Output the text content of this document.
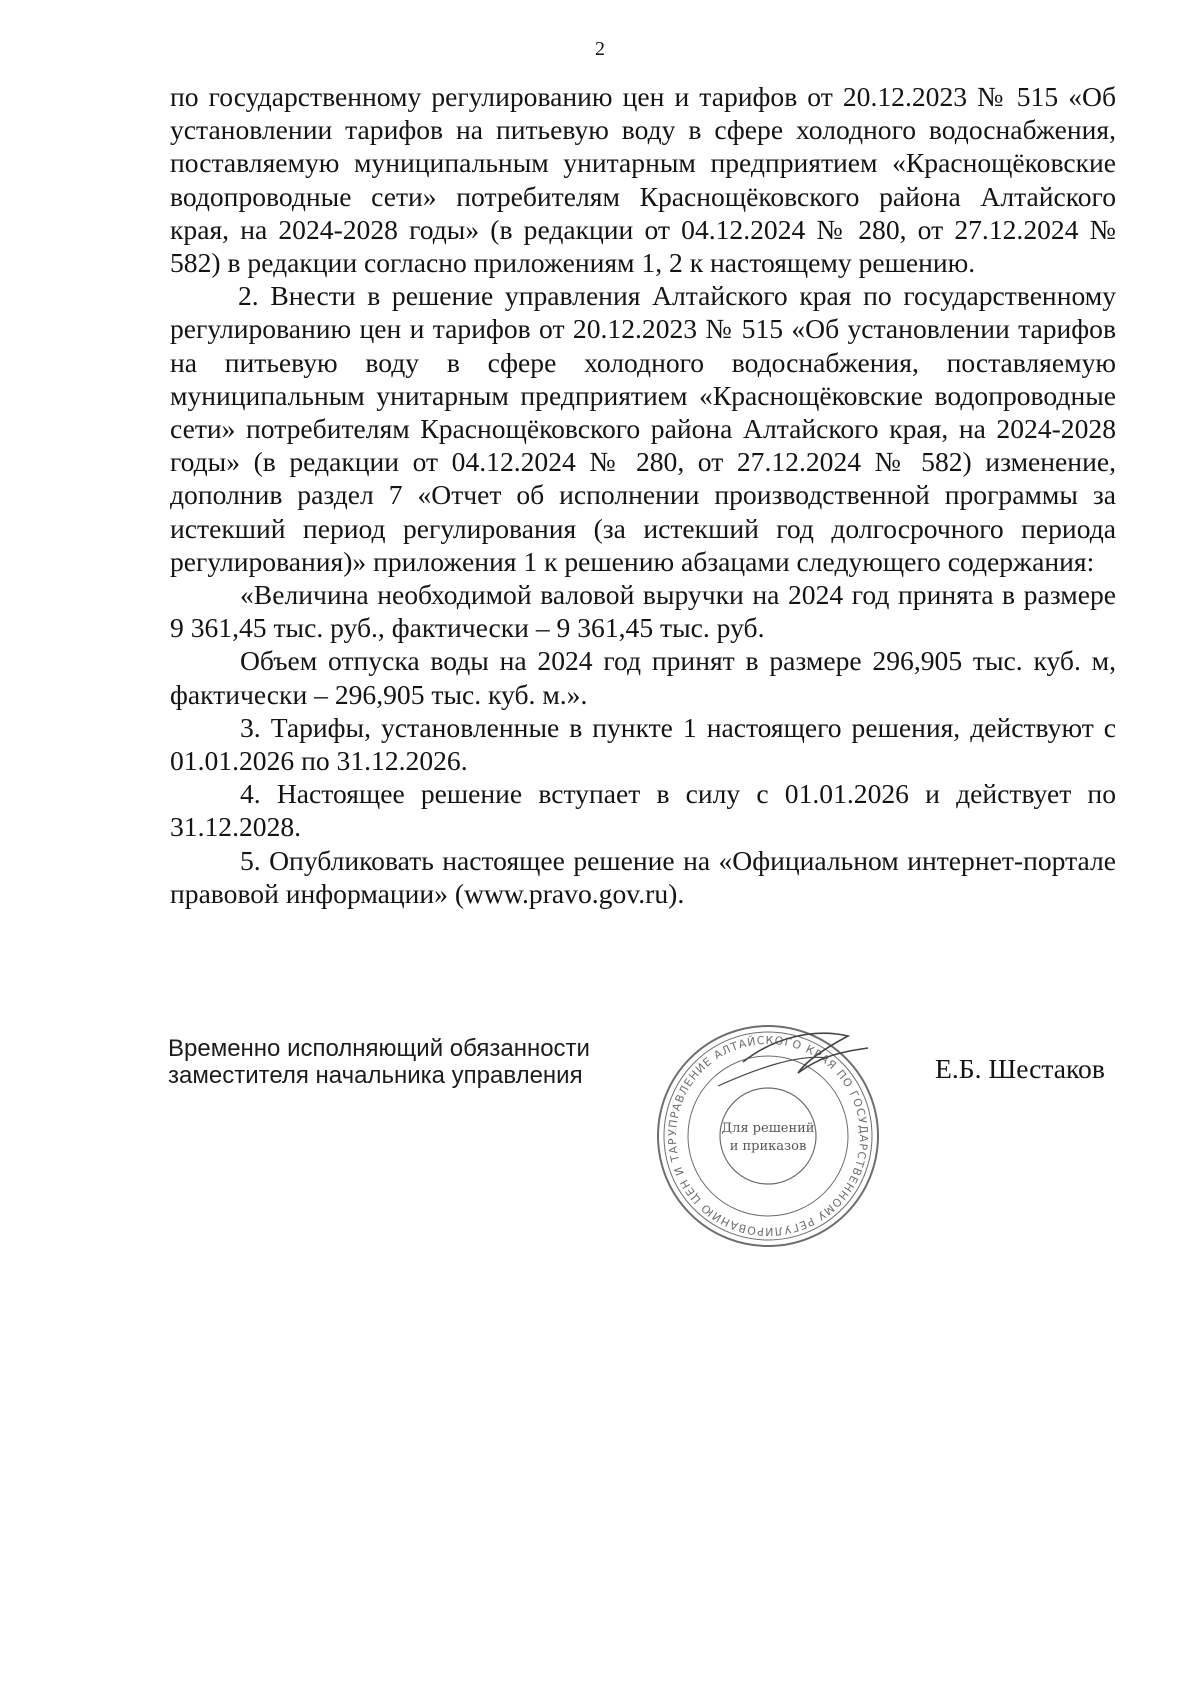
2

по государственному регулированию цен и тарифов от 20.12.2023 № 515 «Об установлении тарифов на питьевую воду в сфере холодного водоснабжения, поставляемую муниципальным унитарным предприятием «Краснощёковские водопроводные сети» потребителям Краснощёковского района Алтайского края, на 2024-2028 годы» (в редакции от 04.12.2024 № 280, от 27.12.2024 № 582) в редакции согласно приложениям 1, 2 к настоящему решению.

2. Внести в решение управления Алтайского края по государственному регулированию цен и тарифов от 20.12.2023 № 515 «Об установлении тарифов на питьевую воду в сфере холодного водоснабжения, поставляемую муниципальным унитарным предприятием «Краснощёковские водопроводные сети» потребителям Краснощёковского района Алтайского края, на 2024-2028 годы» (в редакции от 04.12.2024 № 280, от 27.12.2024 № 582) изменение, дополнив раздел 7 «Отчет об исполнении производственной программы за истекший период регулирования (за истекший год долгосрочного периода регулирования)» приложения 1 к решению абзацами следующего содержания:

«Величина необходимой валовой выручки на 2024 год принята в размере 9 361,45 тыс. руб., фактически – 9 361,45 тыс. руб.

Объем отпуска воды на 2024 год принят в размере 296,905 тыс. куб. м, фактически – 296,905 тыс. куб. м.».

3. Тарифы, установленные в пункте 1 настоящего решения, действуют с 01.01.2026 по 31.12.2026.

4. Настоящее решение вступает в силу с 01.01.2026 и действует по 31.12.2028.

5. Опубликовать настоящее решение на «Официальном интернет-портале правовой информации» (www.pravo.gov.ru).

Временно исполняющий обязанности
заместителя начальника управления
УПРАВЛЕНИЕ АЛТАЙСКОГО КРАЯ ПО ГОСУДАРСТВЕННОМУ РЕГУЛИРОВАНИЮ ЦЕН И ТАР
Для решений
и приказов
Е.Б. Шестаков
